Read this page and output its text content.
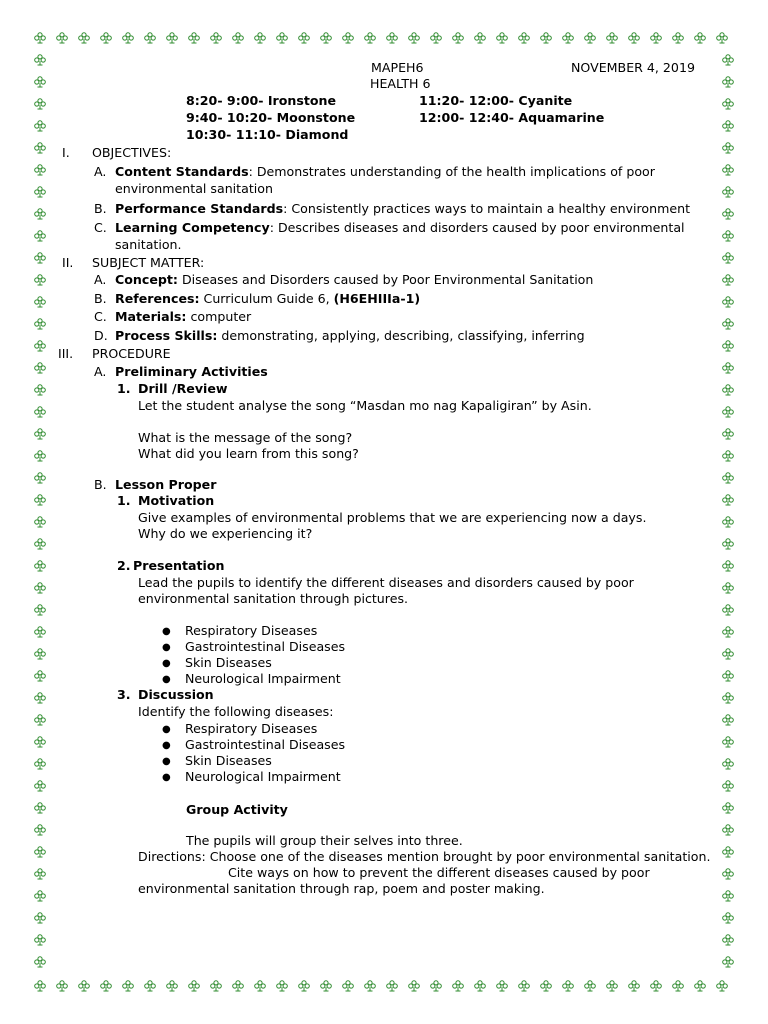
MAPEH6	NOVEMBER 4, 2019
HEALTH 6
8:20- 9:00- Ironstone	11:20- 12:00- Cyanite
9:40- 10:20- Moonstone	12:00- 12:40- Aquamarine
10:30- 11:10- Diamond
I. OBJECTIVES:
A. Content Standards: Demonstrates understanding of the health implications of poor
environmental sanitation
B. Performance Standards: Consistently practices ways to maintain a healthy environment
C. Learning Competency: Describes diseases and disorders caused by poor environmental
sanitation.
II. SUBJECT MATTER:
A. Concept: Diseases and Disorders caused by Poor Environmental Sanitation
B. References: Curriculum Guide 6, (H6EHIIIa-1)
C. Materials: computer
D. Process Skills: demonstrating, applying, describing, classifying, inferring
III. PROCEDURE
A. Preliminary Activities
1. Drill /Review
Let the student analyse the song “Masdan mo nag Kapaligiran” by Asin.
What is the message of the song?
What did you learn from this song?
B. Lesson Proper
1. Motivation
Give examples of environmental problems that we are experiencing now a days.
Why do we experiencing it?
2. Presentation
Lead the pupils to identify the different diseases and disorders caused by poor
environmental sanitation through pictures.
● Respiratory Diseases
● Gastrointestinal Diseases
● Skin Diseases
● Neurological Impairment
3. Discussion
Identify the following diseases:
● Respiratory Diseases
● Gastrointestinal Diseases
● Skin Diseases
● Neurological Impairment
Group Activity
The pupils will group their selves into three.
Directions: Choose one of the diseases mention brought by poor environmental sanitation.
Cite ways on how to prevent the different diseases caused by poor
environmental sanitation through rap, poem and poster making.
